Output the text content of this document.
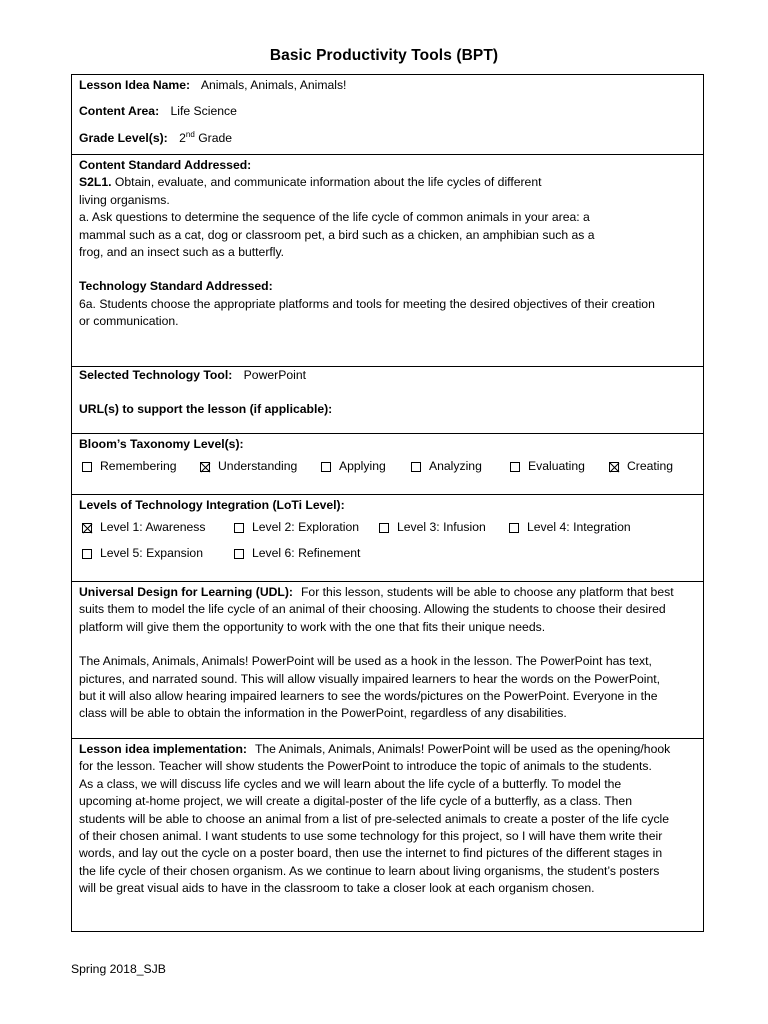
Basic Productivity Tools (BPT)
Lesson Idea Name: Animals, Animals, Animals!
Content Area: Life Science
Grade Level(s): 2nd Grade
Content Standard Addressed:
S2L1. Obtain, evaluate, and communicate information about the life cycles of different
living organisms.
a. Ask questions to determine the sequence of the life cycle of common animals in your area: a
mammal such as a cat, dog or classroom pet, a bird such as a chicken, an amphibian such as a
frog, and an insect such as a butterfly.
Technology Standard Addressed:
6a. Students choose the appropriate platforms and tools for meeting the desired objectives of their creation
or communication.
Selected Technology Tool: PowerPoint
URL(s) to support the lesson (if applicable):
Bloom’s Taxonomy Level(s):
Remembering	Understanding	Applying	Analyzing	Evaluating	Creating
Levels of Technology Integration (LoTi Level):
Level 1: Awareness	Level 2: Exploration	Level 3: Infusion	Level 4: Integration
Level 5: Expansion	Level 6: Refinement
Universal Design for Learning (UDL): For this lesson, students will be able to choose any platform that best
suits them to model the life cycle of an animal of their choosing. Allowing the students to choose their desired
platform will give them the opportunity to work with the one that fits their unique needs.
The Animals, Animals, Animals! PowerPoint will be used as a hook in the lesson. The PowerPoint has text,
pictures, and narrated sound. This will allow visually impaired learners to hear the words on the PowerPoint,
but it will also allow hearing impaired learners to see the words/pictures on the PowerPoint. Everyone in the
class will be able to obtain the information in the PowerPoint, regardless of any disabilities.
Lesson idea implementation: The Animals, Animals, Animals! PowerPoint will be used as the opening/hook
for the lesson. Teacher will show students the PowerPoint to introduce the topic of animals to the students.
As a class, we will discuss life cycles and we will learn about the life cycle of a butterfly. To model the
upcoming at-home project, we will create a digital-poster of the life cycle of a butterfly, as a class. Then
students will be able to choose an animal from a list of pre-selected animals to create a poster of the life cycle
of their chosen animal. I want students to use some technology for this project, so I will have them write their
words, and lay out the cycle on a poster board, then use the internet to find pictures of the different stages in
the life cycle of their chosen organism. As we continue to learn about living organisms, the student’s posters
will be great visual aids to have in the classroom to take a closer look at each organism chosen.
Spring 2018_SJB
